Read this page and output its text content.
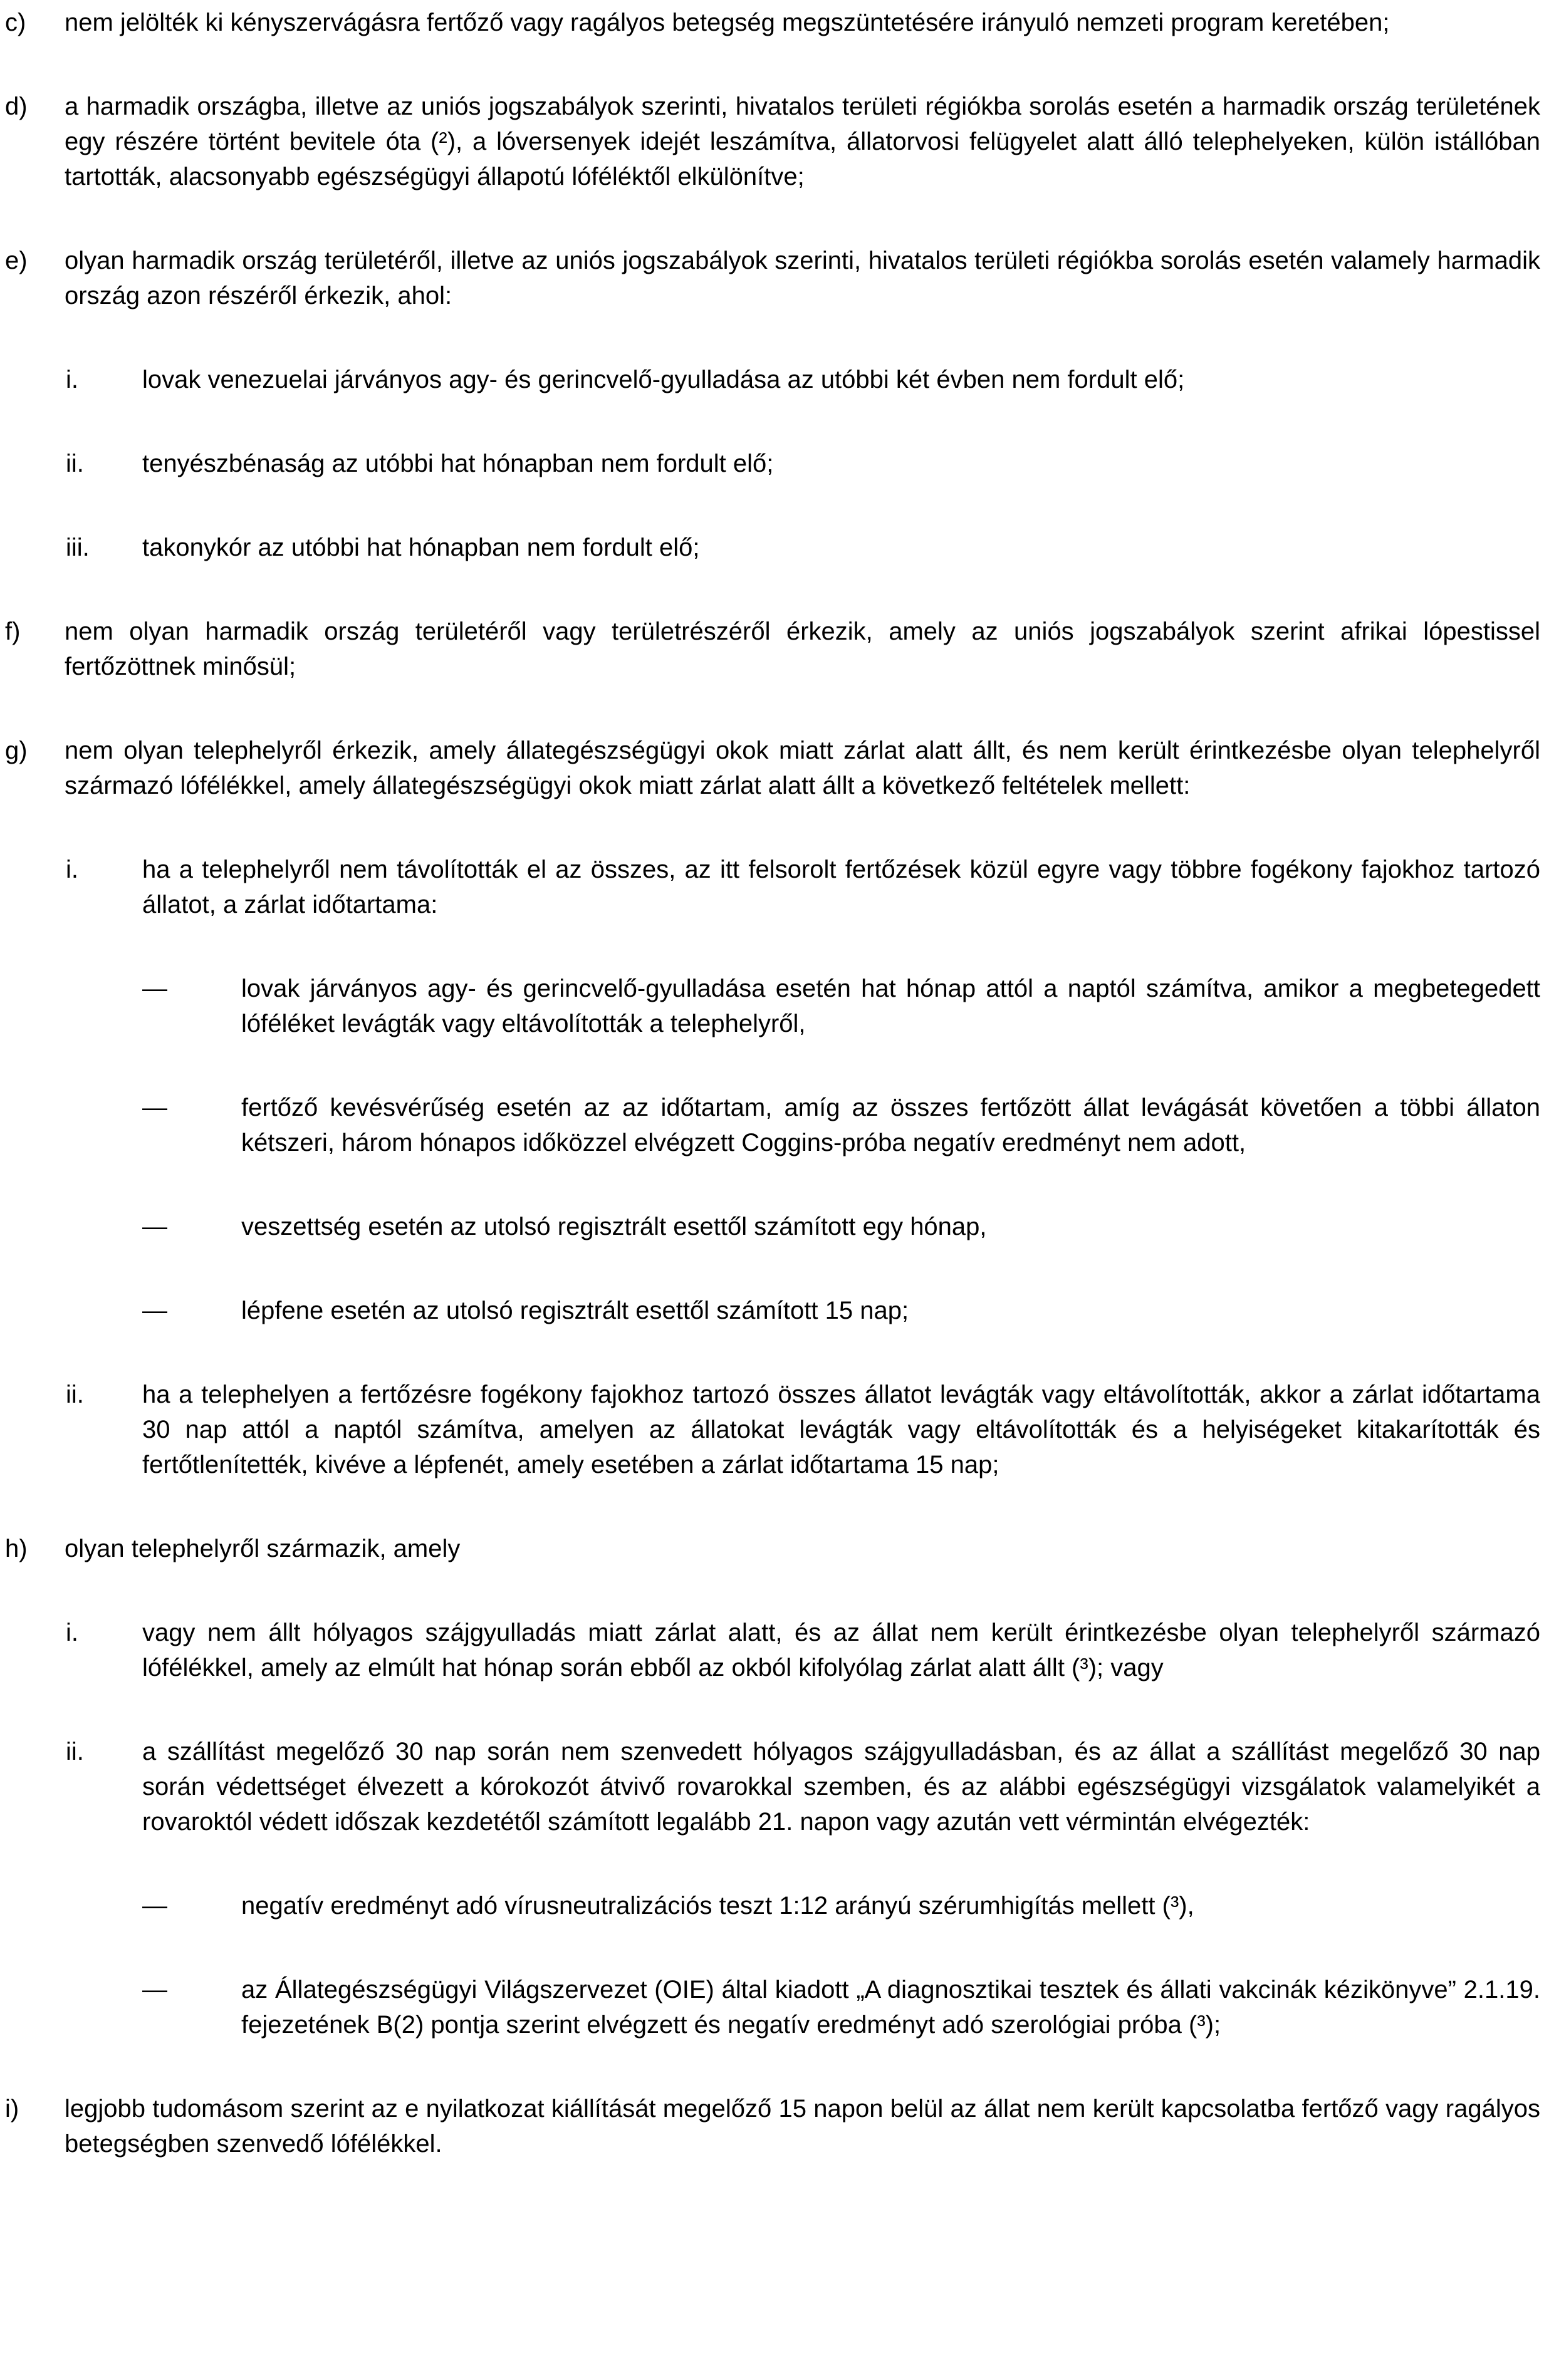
c)	nem jelölték ki kényszervágásra fertőző vagy ragályos betegség megszüntetésére irányuló nemzeti program keretében;
d)	a harmadik országba, illetve az uniós jogszabályok szerinti, hivatalos területi régiókba sorolás esetén a harmadik ország területének egy részére történt bevitele óta (²), a lóversenyek idejét leszámítva, állatorvosi felügyelet alatt álló telephelyeken, külön istállóban tartották, alacsonyabb egészségügyi állapotú lóféléktől elkülönítve;
e)	olyan harmadik ország területéről, illetve az uniós jogszabályok szerinti, hivatalos területi régiókba sorolás esetén valamely harmadik ország azon részéről érkezik, ahol:
i.	lovak venezuelai járványos agy- és gerincvelő-gyulladása az utóbbi két évben nem fordult elő;
ii.	tenyészbénaság az utóbbi hat hónapban nem fordult elő;
iii.	takonykór az utóbbi hat hónapban nem fordult elő;
f)	nem olyan harmadik ország területéről vagy területrészéről érkezik, amely az uniós jogszabályok szerint afrikai lópestissel fertőzöttnek minősül;
g)	nem olyan telephelyről érkezik, amely állategészségügyi okok miatt zárlat alatt állt, és nem került érintkezésbe olyan telephelyről származó lófélékkel, amely állategészségügyi okok miatt zárlat alatt állt a következő feltételek mellett:
i.	ha a telephelyről nem távolították el az összes, az itt felsorolt fertőzések közül egyre vagy többre fogékony fajokhoz tartozó állatot, a zárlat időtartama:
—	lovak járványos agy- és gerincvelő-gyulladása esetén hat hónap attól a naptól számítva, amikor a megbetegedett lóféléket levágták vagy eltávolították a telephelyről,
—	fertőző kevésvérűség esetén az az időtartam, amíg az összes fertőzött állat levágását követően a többi állaton kétszeri, három hónapos időközzel elvégzett Coggins-próba negatív eredményt nem adott,
—	veszettség esetén az utolsó regisztrált esettől számított egy hónap,
—	lépfene esetén az utolsó regisztrált esettől számított 15 nap;
ii.	ha a telephelyen a fertőzésre fogékony fajokhoz tartozó összes állatot levágták vagy eltávolították, akkor a zárlat időtartama 30 nap attól a naptól számítva, amelyen az állatokat levágták vagy eltávolították és a helyiségeket kitakarították és fertőtlenítették, kivéve a lépfenét, amely esetében a zárlat időtartama 15 nap;
h)	olyan telephelyről származik, amely
i.	vagy nem állt hólyagos szájgyulladás miatt zárlat alatt, és az állat nem került érintkezésbe olyan telephelyről származó lófélékkel, amely az elmúlt hat hónap során ebből az okból kifolyólag zárlat alatt állt (³); vagy
ii.	a szállítást megelőző 30 nap során nem szenvedett hólyagos szájgyulladásban, és az állat a szállítást megelőző 30 nap során védettséget élvezett a kórokozót átvivő rovarokkal szemben, és az alábbi egészségügyi vizsgálatok valamelyikét a rovaroktól védett időszak kezdetétől számított legalább 21. napon vagy azután vett vérmintán elvégezték:
—	negatív eredményt adó vírusneutralizációs teszt 1:12 arányú szérumhigítás mellett (³),
—	az Állategészségügyi Világszervezet (OIE) által kiadott „A diagnosztikai tesztek és állati vakcinák kézikönyve” 2.1.19. fejezetének B(2) pontja szerint elvégzett és negatív eredményt adó szerológiai próba (³);
i)	legjobb tudomásom szerint az e nyilatkozat kiállítását megelőző 15 napon belül az állat nem került kapcsolatba fertőző vagy ragályos betegségben szenvedő lófélékkel.
